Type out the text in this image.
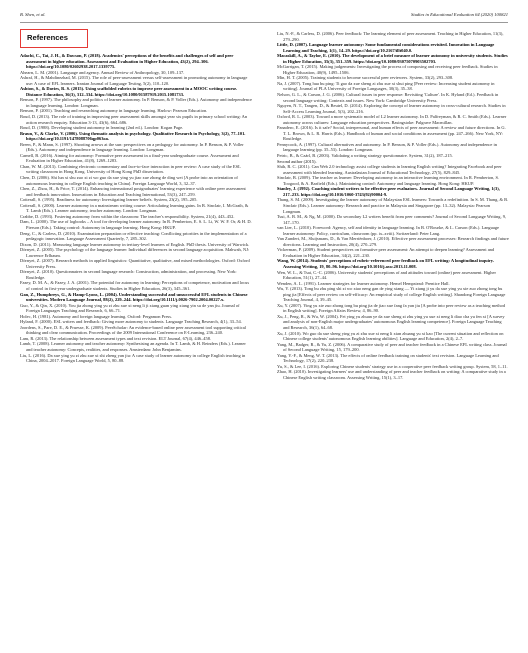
B. Shen, et al.	Studies in Educational Evaluation 64 (2020) 100821
References

Adachi, C., Tai, J. H., & Dawson, P. (2018). Academics' perceptions of the benefits and challenges of self and peer assessment in higher education. Assessment and Evaluation in Higher Education, 43(2), 294–306. https://doi.org/10.1080/02602938.2017.1339775.

Ahearn, L. M. (2001). Language and agency. Annual Review of Anthropology, 30, 109–137.

Ashraf, H., & Mahdinezhad, M. (2015). The role of peer-assessment versus self-assessment in promoting autonomy in language use: A case of EFL learners. Iranian Journal of Language Testing, 5(2), 110–120.

Ashton, S., & Davies, R. S. (2015). Using scaffolded rubrics to improve peer assessment in a MOOC writing course. Distance Education, 36(3), 312–334. https://doi.org/10.1080/01587919.2015.1081733.

Benson, P. (1997). The philosophy and politics of learner autonomy. In P. Benson, & P. Voller (Eds.). Autonomy and independence in language learning. London: Longman.

Benson, P. (2001). Teaching and researching autonomy in language learning. Harlow: Pearson Education.

Boud, D. (2013). The role of training in improving peer assessment skills amongst year six pupils in primary school writing: An action research enquiry. Education 3-13, 43(6), 664–686.

Boud, D. (1988). Developing student autonomy in learning (2nd ed.). London: Kogan Page.

Braun, V., & Clarke, V. (2006). Using thematic analysis in psychology. Qualitative Research in Psychology, 3(2), 77–101. https://doi.org/10.1191/1478088706qp063oa.

Breen, P., & Mann, S. (1997). Shooting arrows at the sun: perspectives on a pedagogy for autonomy. In P. Benson, & P. Voller (Eds.). Autonomy and independence in language learning. London: Longman.

Carnell, B. (2016). Aiming for autonomy: Formative peer assessment in a final-year undergraduate course. Assessment and Evaluation in Higher Education, 41(8), 1269–1283.

Chan, W. M. (2013). Combining electronic commentary and face-to-face interaction in peer review: A case study of the ESL writing classroom in Hong Kong. University of Hong Kong PhD dissertation.

Chen, D. (2006). Shi lun xi shu zuo xi zi wo guo da xue ying yu jiao xue zhong de ding wei [A probe into an orientation of autonomous learning in college English teaching in China]. Foreign Language World, 3, 32–37.

Chen, Z., Zhou, H., & Price, T. (2014). Enhancing international postgraduates' learning experience with online peer assessment and feedback innovation. Innovations in Education and Teaching International, 53(3), 247–259.

Cotterall, S. (1995). Readiness for autonomy: Investigating learner beliefs. System, 23(2), 195–205.

Cotterall, S. (2000). Learner autonomy in a mainstream writing course: Articulating learning gains. In B. Sinclair, I. McGrath, & T. Lamb (Eds.). Learner autonomy, teacher autonomy. London: Longman.

Crabbe, D. (1993). Fostering autonomy from within the classroom: The teacher's responsibility. System, 21(4), 443–452.

Dam, L. (2000). The use of logbooks – A tool for developing learner autonomy. In R. Pemberton, E. S. L. Li, W. W. F. Or, & H. D. Pierson (Eds.). Taking control: Autonomy in language learning. Hong Kong: HKUP.

Deng, C., & Carless, D. (2010). Examination preparation or effective teaching: Conflicting priorities in the implementation of a pedagogic innovation. Language Assessment Quarterly, 7, 285–302.

Dixon, D. (2011). Measuring language learner autonomy in tertiary-level learners of English. PhD thesis. University of Warwick.

Dörnyei, Z. (2005). The psychology of the language learner: Individual differences in second language acquisition. Mahwah, NJ: Lawrence Erlbaum.

Dörnyei, Z. (2007). Research methods in applied linguistics: Quantitative, qualitative, and mixed methodologies. Oxford: Oxford University Press.

Dörnyei, Z. (2010). Questionnaires in second language research: Construction, administration, and processing. New York: Routledge.

Fazey, D. M. A., & Fazey, J. A. (2001). The potential for autonomy in learning: Perceptions of competence, motivation and locus of control in first-year undergraduate students. Studies in Higher Education, 26(3), 345–361.

Gan, Z., Humphreys, G., & Hamp-Lyons, L. (2004). Understanding successful and unsuccessful EFL students in Chinese universities. Modern Language Journal, 88(2), 229–244. https://doi.org/10.1111/j.0026-7902.2004.00227.x.

Guo, Y., & Qin, X. (2010). You jia zhong ying yu zi zhu xue xi neng li ji xiang guan ying xiang yin su de yan jiu. Journal of Foreign Languages Teaching and Research, 6, 66–71.

Holec, H. (1981). Autonomy and foreign language learning. Oxford: Pergamon Press.

Hyland, F. (2000). ESL writers and feedback: Giving more autonomy to students. Language Teaching Research, 4(1), 33–54.

Joordens, S., Pare, D. E., & Pruesse, K. (2009). PeerScholar: An evidence-based online peer assessment tool supporting critical thinking and clear communication. Proceedings of the 2009 International Conference on E-Learning, 236–240.

Lam, R. (2013). The relationship between assessment types and text revision. ELT Journal, 67(4), 446–458.

Lamb, T. (2008). Learner autonomy and teacher autonomy: Synthesising an agenda. In T. Lamb, & H. Reinders (Eds.). Learner and teacher autonomy: Concepts, realities, and responses. Amsterdam: John Benjamins.

Liu, L. (2016). Da xue ying yu zi zhu xue xi shi zheng yan jiu: A case study of learner autonomy in college English teaching in China, 2004–2017. Foreign Language World, 5, 80–88.

Liu, N.-F., & Carless, D. (2006). Peer feedback: The learning element of peer assessment. Teaching in Higher Education, 11(3), 279–290.

Little, D. (2007). Language learner autonomy: Some fundamental considerations revisited. Innovation in Language Learning and Teaching, 1(1), 14–29. https://doi.org/10.2167/illt040.0.

Macaskill, A., & Taylor, E. (2010). The development of a brief measure of learner autonomy in university students. Studies in Higher Education, 35(3), 351–359. https://doi.org/10.1080/03075070903502703.

McGarrigan, T. (2015). Making judgements: Investigating the process of composing and receiving peer feedback. Studies in Higher Education, 40(9), 1495–1506.

Min, H. T. (2005). Training students to become successful peer reviewers. System, 33(2), 293–308.

Na, J. (2007). Tong hua bu ping: Ti gao da xue sheng zi zhu xue xi shui ping [Peer review: Increasing student autonomy in writing]. Journal of PLA University of Foreign Languages, 30(3), 35–38.

Nelson, G. L., & Carson, J. G. (2006). Cultural issues in peer response: Revisiting 'Culture'. In K. Hyland (Ed.). Feedback in second language writing: Contexts and issues. New York: Cambridge University Press.

Nguyen, N. T., Tangen, D., & Beutel, D. (2014). Exploring the concept of learner autonomy in cross-cultural research. Studies in Self-Access Learning Journal, 5(3), 202–216.

Oxford, R. L. (2003). Toward a more systematic model of L2 learner autonomy. In D. Palfreyman, & R. C. Smith (Eds.). Learner autonomy across cultures: Language education perspectives. Basingstoke: Palgrave Macmillan.

Panadero, E. (2016). Is it safe? Social, interpersonal, and human effects of peer assessment: A review and future directions. In G. T. L. Brown, & L. R. Harris (Eds.). Handbook of human and social conditions in assessment (pp. 247–266). New York, NY: Routledge.

Pennycook, A. (1997). Cultural alternatives and autonomy. In P. Benson, & P. Voller (Eds.). Autonomy and independence in language learning (pp. 35–53). London: Longman.

Petric, B., & Czárl, B. (2003). Validating a writing strategy questionnaire. System, 31(2), 187–215.

Second author (2015).

Shih, R. C. (2011). Can Web 2.0 technology assist college students in learning English writing? Integrating Facebook and peer assessment with blended learning. Australasian Journal of Educational Technology, 27(5), 829–845.

Sinclair, B. (2009). The teacher as learner: Developing autonomy in an interactive learning environment. In R. Pemberton, S. Toogood, & A. Barfield (Eds.). Maintaining control: Autonomy and language learning. Hong Kong: HKUP.

Stanley, J. (1992). Coaching student writers to be effective peer evaluators. Journal of Second Language Writing, 1(3), 217–233. https://doi.org/10.1016/1060-3743(92)90004-9.

Thang, S. M. (2009). Investigating the learner autonomy of Malaysian ESL learners: Towards a redefinition. In S. M. Thang, & B. Sinclair (Eds.). Learner autonomy: Research and practice in Malaysia and Singapore (pp. 13–32). Malaysia: Pearson Longman.

Tsui, A. B. M., & Ng, M. (2000). Do secondary L2 writers benefit from peer comments? Journal of Second Language Writing, 9, 147–170.

van Lier, L. (2010). Foreword: Agency, self and identity in language learning. In B. O'Rourke, & L. Carson (Eds.). Language learner autonomy: Policy, curriculum, classroom (pp. ix–xviii). Switzerland: Peter Lang.

Van Zundert, M., Sluijsmans, D., & Van Merriënboer, J. (2010). Effective peer assessment processes: Research findings and future directions. Learning and Instruction, 20(4), 270–279.

Vickerman, P. (2009). Student perspectives on formative peer assessment: An attempt to deepen learning? Assessment and Evaluation in Higher Education, 34(2), 221–230.

Wang, W. (2014). Students' perceptions of rubric-referenced peer feedback on EFL writing: A longitudinal inquiry. Assessing Writing, 19, 80–96. https://doi.org/10.1016/j.asw.2013.11.008.

Wen, W. L., & Tsai, C.-C. (2006). University students' perceptions of and attitudes toward (online) peer assessment. Higher Education, 51(1), 27–44.

Wenden, A. L. (1991). Learner strategies for learner autonomy. Hemel Hempstead: Prentice Hall.

Wu, Y. (2013). Tong bu zhu ping shi zi wo xiao neng gan de ying xiang — Yi xiang ji yu da xue ying yu xie zuo zhong tong bu ping jia [Effects of peer review on self-efficacy: An empirical study of college English writing]. Shandong Foreign Language Teaching Journal, 4, 39–45.

Xu, Y. (2007). Ying yu xie zuo zhong tong bu ping jia de jiao xue fang fa yan jiu [A probe into peer review as a teaching method in English writing]. Foreign Affairs Review, 4, 86–90.

Xu, J., Peng, R., & Wu, W. (2004). Fei ying yu zhuan ye da xue sheng zi zhu ying yu xue xi neng li diao cha yu fen xi [A survey and analysis of non-English major undergraduates' autonomous English learning competence]. Foreign Language Teaching and Research, 36(1), 64–68.

Xu, J. (2010). Wo guo da xue sheng ying yu zi zhu xue xi neng li xian zhuang yu xi kao [The current situation and reflection on Chinese college students' autonomous English learning abilities]. Language and Education, 2(4), 2–7.

Yang, M., Badger, R., & Yu, Z. (2006). A comparative study of peer and teacher feedback in a Chinese EFL writing class. Journal of Second Language Writing, 15, 179–200.

Yang, Y.-F., & Meng, W. T. (2013). The effects of online feedback training on students' text revision. Language Learning and Technology, 17(2), 220–238.

Yu, S., & Lee, I. (2016). Exploring Chinese students' strategy use in a cooperative peer feedback writing group. System, 58, 1–11.

Zhao, H. (2010). Investigating learners' use and understanding of peer and teacher feedback on writing: A comparative study in a Chinese English writing classroom. Assessing Writing, 15(1), 3–17.
